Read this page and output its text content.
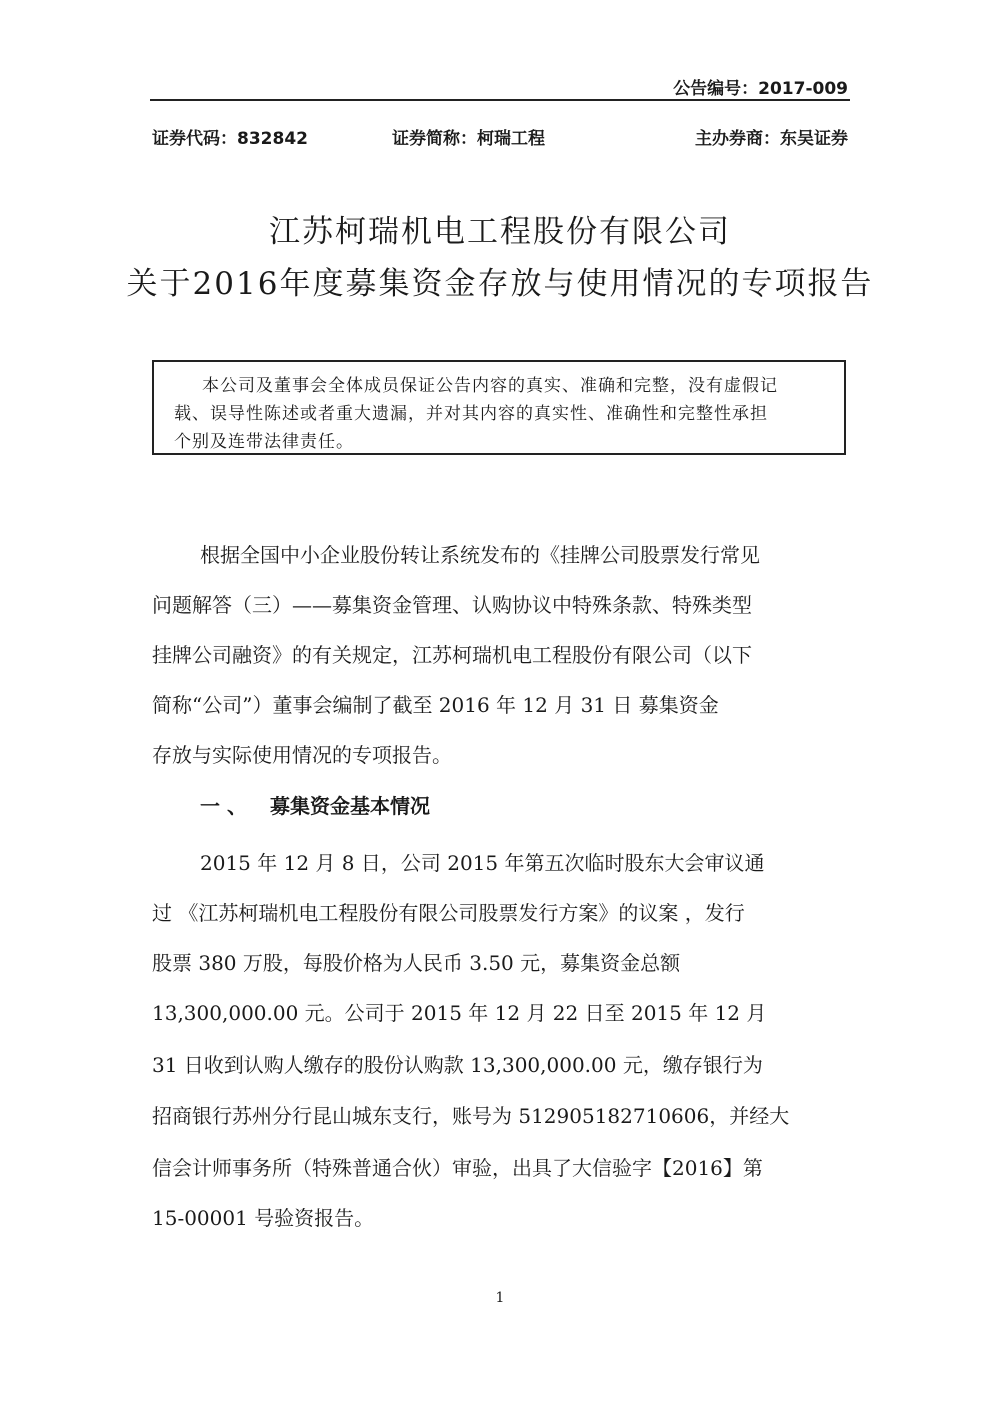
公告编号：2017-009
证券代码：832842	证券简称：柯瑞工程	主办券商：东吴证券
江苏柯瑞机电工程股份有限公司
关于2016年度募集资金存放与使用情况的专项报告
本公司及董事会全体成员保证公告内容的真实、准确和完整，没有虚假记
载、误导性陈述或者重大遗漏，并对其内容的真实性、准确性和完整性承担
个别及连带法律责任。
根据全国中小企业股份转让系统发布的《挂牌公司股票发行常见
问题解答（三）——募集资金管理、认购协议中特殊条款、特殊类型
挂牌公司融资》的有关规定，江苏柯瑞机电工程股份有限公司（以下
简称“公司”）董事会编制了截至 2016 年 12 月 31 日 募集资金
存放与实际使用情况的专项报告。
一 、 募集资金基本情况
2015 年 12 月 8 日，公司 2015 年第五次临时股东大会审议通
过 《江苏柯瑞机电工程股份有限公司股票发行方案》的议案 ，发行
股票 380 万股，每股价格为人民币 3.50 元，募集资金总额
13,300,000.00 元。公司于 2015 年 12 月 22 日至 2015 年 12 月
31 日收到认购人缴存的股份认购款 13,300,000.00 元，缴存银行为
招商银行苏州分行昆山城东支行，账号为 512905182710606，并经大
信会计师事务所（特殊普通合伙）审验，出具了大信验字【2016】第
15-00001 号验资报告。
1
